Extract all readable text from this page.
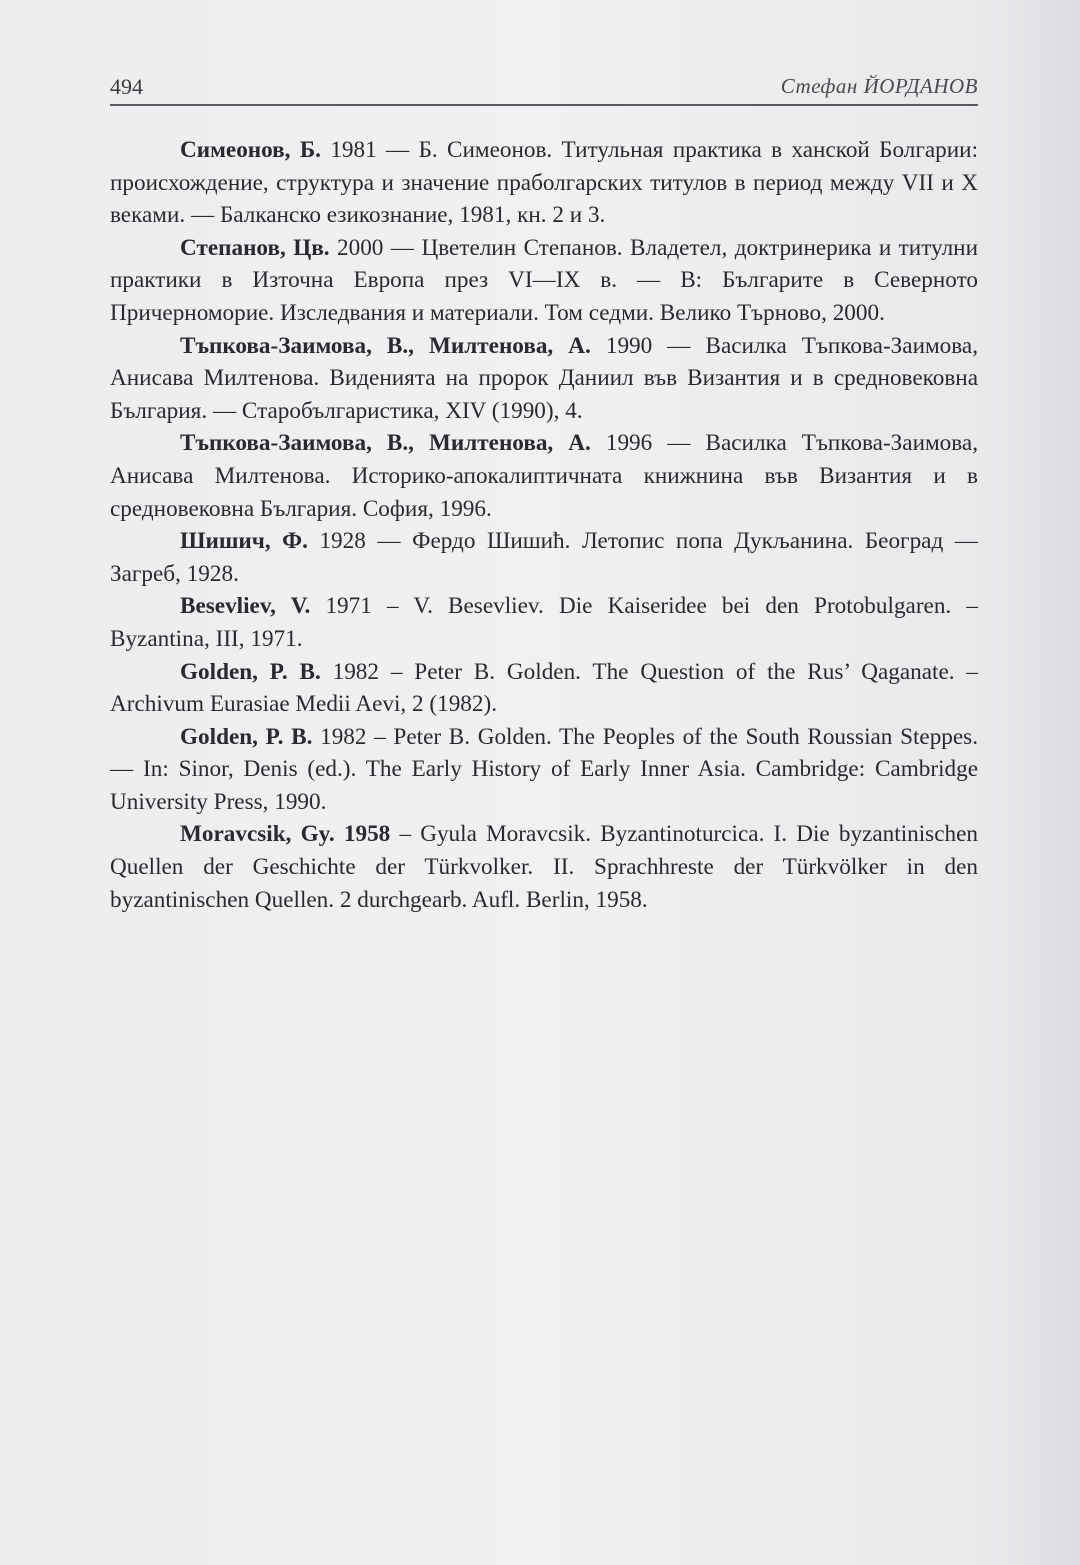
494	Стефан ЙОРДАНОВ

Симеонов, Б. 1981 — Б. Симеонов. Титульная практика в ханской Болгарии: происхождение, структура и значение праболгарских титулов в период между VII и X веками. — Балканско езикознание, 1981, кн. 2 и 3.

Степанов, Цв. 2000 — Цветелин Степанов. Владетел, доктринерика и титулни практики в Източна Европа през VI—IX в. — В: Българите в Северното Причерноморие. Изследвания и материали. Том седми. Велико Търново, 2000.

Тъпкова-Заимова, В., Милтенова, А. 1990 — Василка Тъпкова-Заимова, Анисава Милтенова. Виденията на пророк Даниил във Византия и в средновековна България. — Старобългаристика, XIV (1990), 4.

Тъпкова-Заимова, В., Милтенова, А. 1996 — Василка Тъпкова-Заимова, Анисава Милтенова. Историко-апокалиптичната книжнина във Византия и в средновековна България. София, 1996.

Шишич, Ф. 1928 — Фердо Шишић. Летопис попа Дукљанина. Београд — Загреб, 1928.

Besevliev, V. 1971 – V. Besevliev. Die Kaiseridee bei den Protobulgaren. – Byzantina, III, 1971.

Golden, P. B. 1982 – Peter B. Golden. The Question of the Rus’ Qaganate. – Archivum Eurasiae Medii Aevi, 2 (1982).

Golden, P. B. 1982 – Peter B. Golden. The Peoples of the South Roussian Steppes. — In: Sinor, Denis (ed.). The Early History of Early Inner Asia. Cambridge: Cambridge University Press, 1990.

Moravcsik, Gy. 1958 – Gyula Moravcsik. Byzantinoturcica. I. Die byzantinischen Quellen der Geschichte der Türkvolker. II. Sprachhreste der Türkvölker in den byzantinischen Quellen. 2 durchgearb. Aufl. Berlin, 1958.
